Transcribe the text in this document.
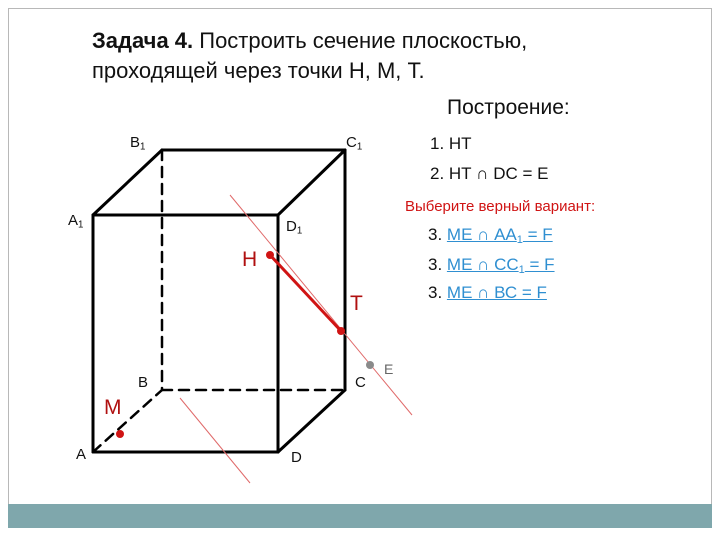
Задача 4. Построить сечение плоскостью, проходящей через точки Н, М, Т.
Построение:
1. НТ
2. НТ ∩ DC = E
Выберите верный вариант:
3. МЕ ∩ $АА_1 = F$
3. МЕ ∩ $СС_1 = F$
3. МЕ ∩ ВС = F
$B_1$	$C_1$
$A_1$	$D_1$
B	C
A	D
H
T
M
E
